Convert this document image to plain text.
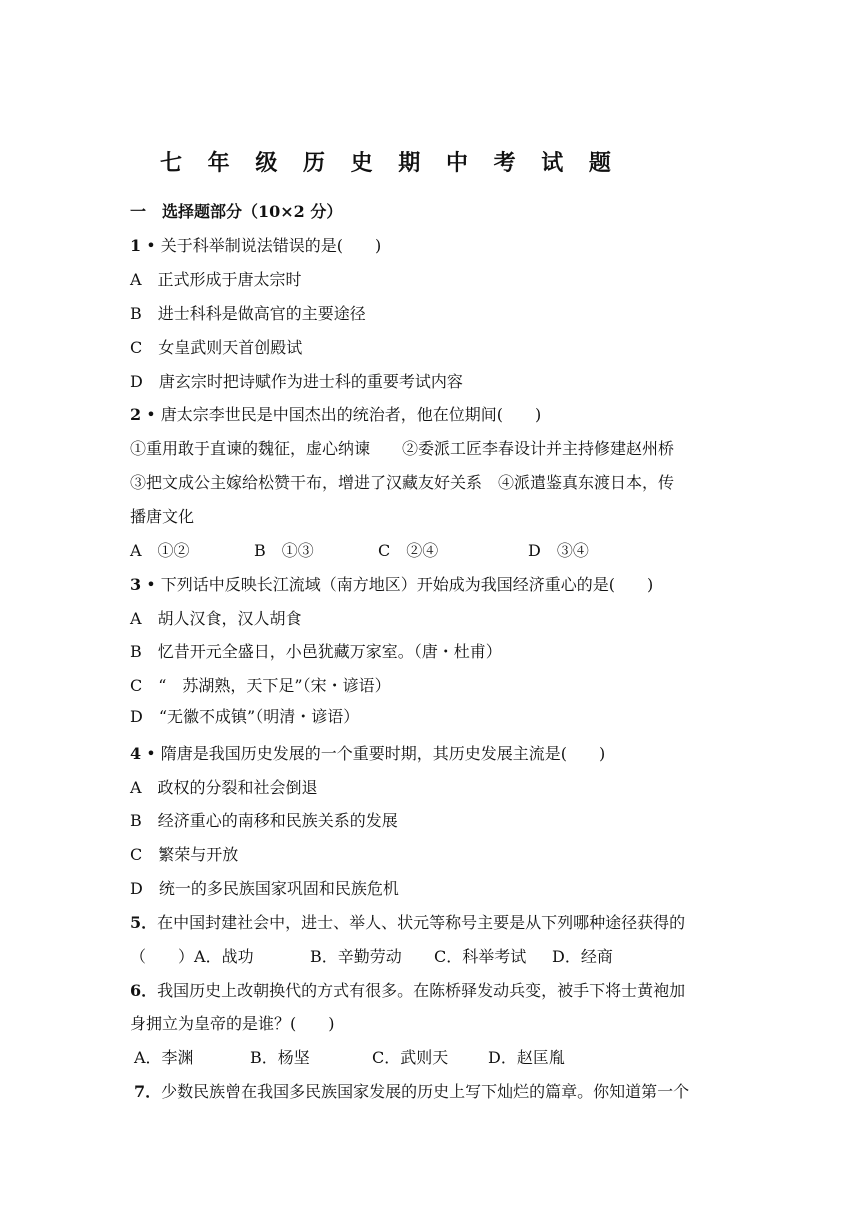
七 年 级 历 史 期 中 考 试 题
一　选择题部分（10×2 分）
1 • 关于科举制说法错误的是(　　)
A　正式形成于唐太宗时
B　进士科科是做高官的主要途径
C　女皇武则天首创殿试
D　唐玄宗时把诗赋作为进士科的重要考试内容
2 • 唐太宗李世民是中国杰出的统治者，他在位期间(　　)
①重用敢于直谏的魏征，虚心纳谏　　②委派工匠李春设计并主持修建赵州桥
③把文成公主嫁给松赞干布，增进了汉藏友好关系　④派遣鉴真东渡日本，传
播唐文化
A　①②	B　①③	C　②④	D　③④
3 • 下列话中反映长江流域（南方地区）开始成为我国经济重心的是(　　)
A　胡人汉食，汉人胡食
B　忆昔开元全盛日，小邑犹藏万家室。（唐・杜甫）
C　“　苏湖熟，天下足”（宋・谚语）
D　“无徽不成镇”（明清・谚语）
4 • 隋唐是我国历史发展的一个重要时期，其历史发展主流是(　　)
A　政权的分裂和社会倒退
B　经济重心的南移和民族关系的发展
C　繁荣与开放
D　统一的多民族国家巩固和民族危机
5．在中国封建社会中，进士、举人、状元等称号主要是从下列哪种途径获得的
（　　）A．战功	B．辛勤劳动 C．科举考试 D．经商
6．我国历史上改朝换代的方式有很多。在陈桥驿发动兵变，被手下将士黄袍加
身拥立为皇帝的是谁？(　　)
A．李渊	B．杨坚	C．武则天 D．赵匡胤
7．少数民族曾在我国多民族国家发展的历史上写下灿烂的篇章。你知道第一个
